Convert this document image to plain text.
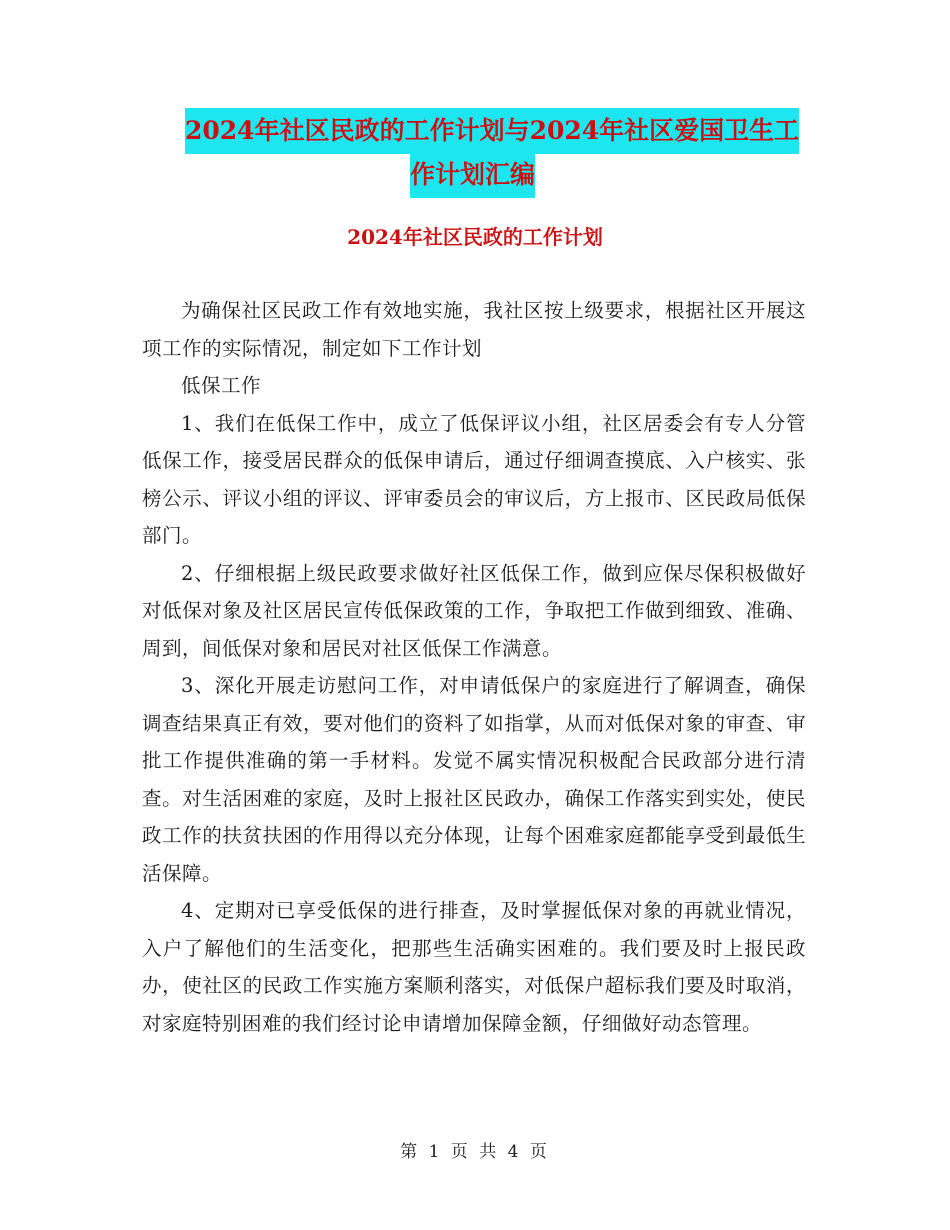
2024年社区民政的工作计划与2024年社区爱国卫生工
作计划汇编
2024年社区民政的工作计划

为确保社区民政工作有效地实施，我社区按上级要求，根据社区开展这项工作的实际情况，制定如下工作计划

低保工作

1、我们在低保工作中，成立了低保评议小组，社区居委会有专人分管低保工作，接受居民群众的低保申请后，通过仔细调查摸底、入户核实、张榜公示、评议小组的评议、评审委员会的审议后，方上报市、区民政局低保部门。

2、仔细根据上级民政要求做好社区低保工作，做到应保尽保积极做好对低保对象及社区居民宣传低保政策的工作，争取把工作做到细致、准确、周到，间低保对象和居民对社区低保工作满意。

3、深化开展走访慰问工作，对申请低保户的家庭进行了解调查，确保调查结果真正有效，要对他们的资料了如指掌，从而对低保对象的审查、审批工作提供准确的第一手材料。发觉不属实情况积极配合民政部分进行清查。对生活困难的家庭，及时上报社区民政办，确保工作落实到实处，使民政工作的扶贫扶困的作用得以充分体现，让每个困难家庭都能享受到最低生活保障。

4、定期对已享受低保的进行排查，及时掌握低保对象的再就业情况，入户了解他们的生活变化，把那些生活确实困难的。我们要及时上报民政办，使社区的民政工作实施方案顺利落实，对低保户超标我们要及时取消，对家庭特别困难的我们经讨论申请增加保障金额，仔细做好动态管理。

第 1 页 共 4 页
